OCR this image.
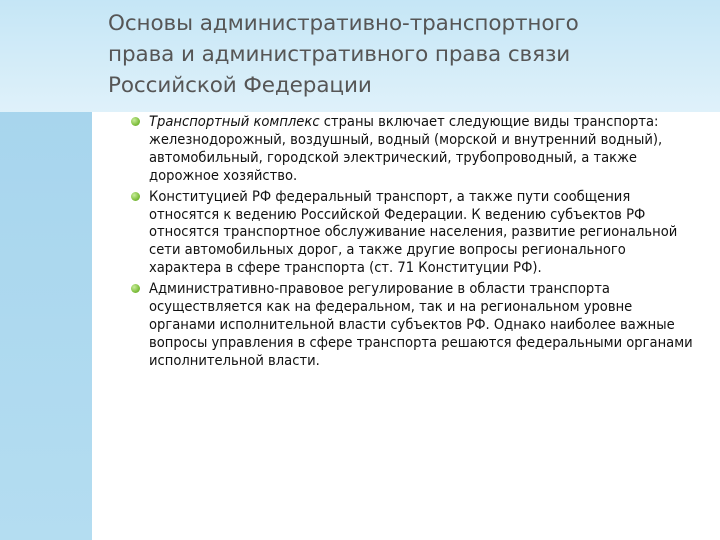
Основы административно-транспортного
права и административного права связи
Российской Федерации
Транспортный комплекс страны включает следующие виды транспорта: железнодорожный, воздушный, водный (морской и внутренний водный), автомобильный, городской электрический, трубопроводный, а также дорожное хозяйство.
Конституцией РФ федеральный транспорт, а также пути сообщения относятся к ведению Российской Федерации. К ведению субъектов РФ относятся транспортное обслуживание населения, развитие региональной сети автомобильных дорог, а также другие вопросы регионального характера в сфере транспорта (ст. 71 Конституции РФ).
Административно-правовое регулирование в области транспорта осуществляется как на федеральном, так и на региональном уровне органами исполнительной власти субъектов РФ. Однако наиболее важные вопросы управления в сфере транспорта решаются федеральными органами исполнительной власти.
